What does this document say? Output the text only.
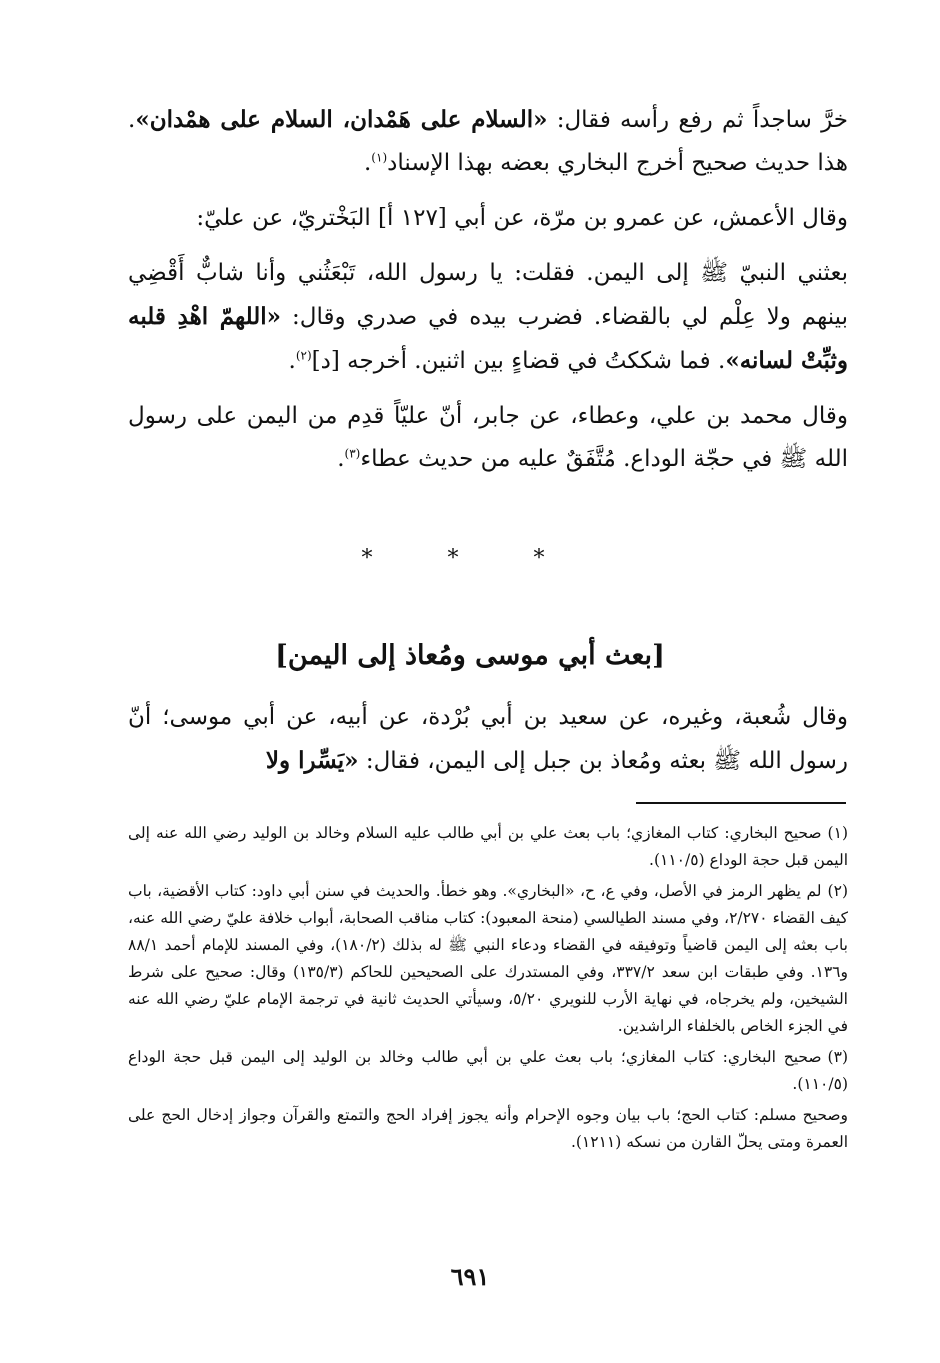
خرَّ ساجداً ثم رفع رأسه فقال: «السلام على هَمْدان، السلام على همْدان». هذا حديث صحيح أخرج البخاري بعضه بهذا الإسناد$^{(١)}$.

وقال الأعمش، عن عمرو بن مرّة، عن أبي [١٢٧ أ] البَخْتريّ، عن عليّ:

بعثني النبيّ ﷺ إلى اليمن. فقلت: يا رسول الله، تَبْعَثُني وأنا شابٌّ أَقْضِي بينهم ولا عِلْم لي بالقضاء. فضرب بيده في صدري وقال: «اللهمّ اهْدِ قلبه وثبِّتْ لسانه». فما شككتُ في قضاءٍ بين اثنين. أخرجه [د]$^{(٢)}$.

وقال محمد بن علي، وعطاء، عن جابر، أنّ عليّاً قدِم من اليمن على رسول الله ﷺ في حجّة الوداع. مُتَّفَقٌ عليه من حديث عطاء$^{(٣)}$.

* * *
[بعث أبي موسى ومُعاذ إلى اليمن]

وقال شُعبة، وغيره، عن سعيد بن أبي بُرْدة، عن أبيه، عن أبي موسى؛ أنّ رسول الله ﷺ بعثه ومُعاذ بن جبل إلى اليمن، فقال: «يَسِّرا ولا

(١)صحيح البخاري: كتاب المغازي؛ باب بعث علي بن أبي طالب عليه السلام وخالد بن الوليد رضي الله عنه إلى اليمن قبل حجة الوداع (١١٠/٥).

(٢)لم يظهر الرمز في الأصل، وفي ع، ح، «البخاري». وهو خطأ. والحديث في سنن أبي داود: كتاب الأقضية، باب كيف القضاء ٢/٢٧٠، وفي مسند الطيالسي (منحة المعبود): كتاب مناقب الصحابة، أبواب خلافة عليّ رضي الله عنه، باب بعثه إلى اليمن قاضياً وتوفيقه في القضاء ودعاء النبي ﷺ له بذلك (١٨٠/٢)، وفي المسند للإمام أحمد ٨٨/١ و١٣٦. وفي طبقات ابن سعد ٣٣٧/٢، وفي المستدرك على الصحيحين للحاكم (١٣٥/٣) وقال: صحيح على شرط الشيخين، ولم يخرجاه، في نهاية الأرب للنويري ٥/٢٠، وسيأتي الحديث ثانية في ترجمة الإمام عليّ رضي الله عنه في الجزء الخاص بالخلفاء الراشدين.

(٣)صحيح البخاري: كتاب المغازي؛ باب بعث علي بن أبي طالب وخالد بن الوليد إلى اليمن قبل حجة الوداع (١١٠/٥).

وصحيح مسلم: كتاب الحج؛ باب بيان وجوه الإحرام وأنه يجوز إفراد الحج والتمتع والقرآن وجواز إدخال الحج على العمرة ومتى يحلّ القارن من نسكه (١٢١١).

٦٩١
